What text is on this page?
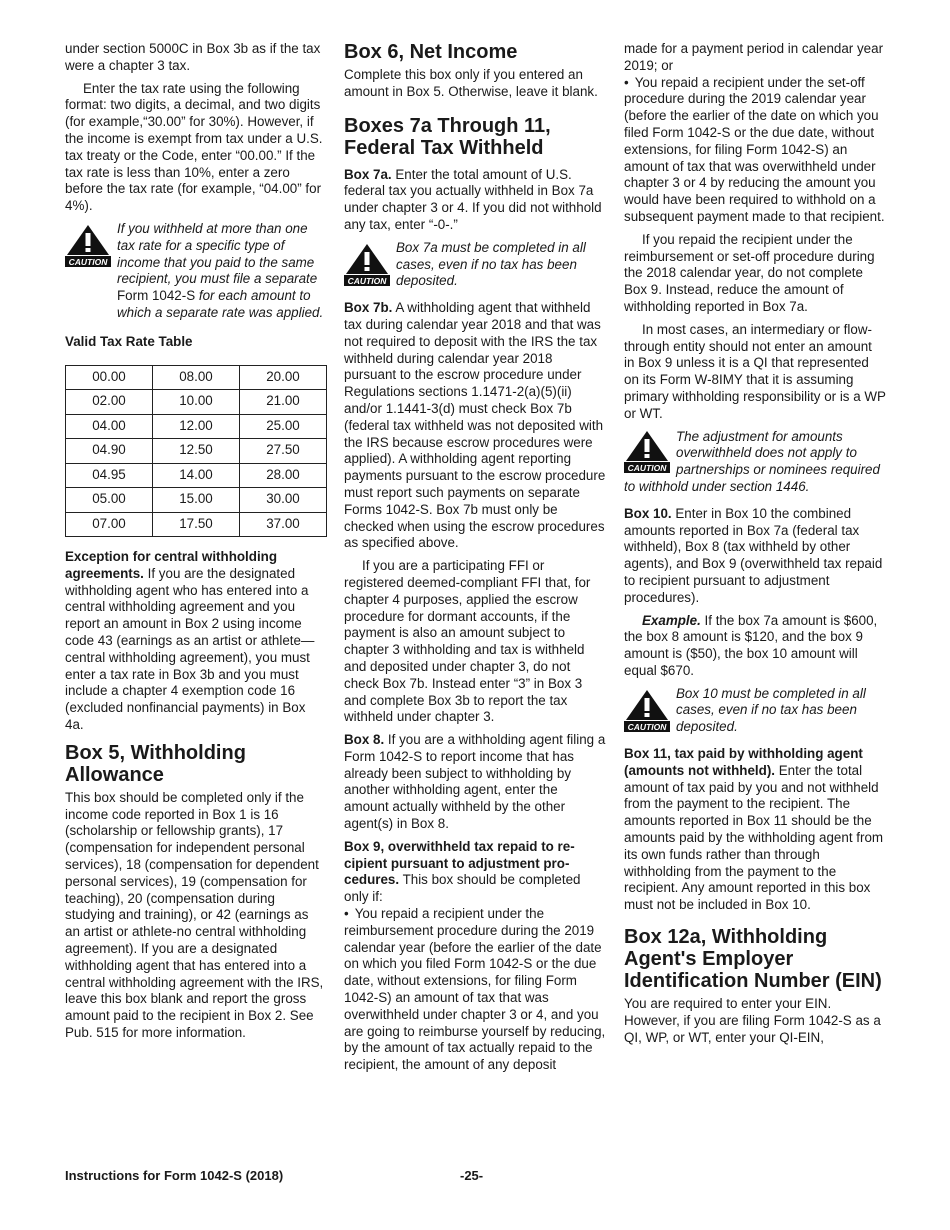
under section 5000C in Box 3b as if the tax were a chapter 3 tax.

Enter the tax rate using the following format: two digits, a decimal, and two digits (for example,“30.00” for 30%). However, if the income is exempt from tax under a U.S. tax treaty or the Code, enter “00.00.” If the tax rate is less than 10%, enter a zero before the tax rate (for example, “04.00” for 4%).

CAUTION
If you withheld at more than one tax rate for a specific type of income that you paid to the same recipient, you must file a separate Form 1042-S for each amount to which a separate rate was applied.
Valid Tax Rate Table
00.00	08.00	20.00
02.00	10.00	21.00
04.00	12.00	25.00
04.90	12.50	27.50
04.95	14.00	28.00
05.00	15.00	30.00
07.00	17.50	37.00

Exception for central withholding agreements. If you are the designated withholding agent who has entered into a central withholding agreement and you report an amount in Box 2 using income code 43 (earnings as an artist or athlete—central withholding agreement), you must enter a tax rate in Box 3b and you must include a chapter 4 exemption code 16 (excluded nonfinancial payments) in Box 4a.

Box 5, Withholding Allowance

This box should be completed only if the income code reported in Box 1 is 16 (scholarship or fellowship grants), 17 (compensation for independent personal services), 18 (compensation for dependent personal services), 19 (compensation for teaching), 20 (compensation during studying and training), or 42 (earnings as an artist or athlete-no central withholding agreement). If you are a designated withholding agent that has entered into a central withholding agreement with the IRS, leave this box blank and report the gross amount paid to the recipient in Box 2. See Pub. 515 for more information.

Box 6, Net Income

Complete this box only if you entered an amount in Box 5. Otherwise, leave it blank.

Boxes 7a Through 11, Federal Tax Withheld

Box 7a. Enter the total amount of U.S. federal tax you actually withheld in Box 7a under chapter 3 or 4. If you did not withhold any tax, enter “-0-.”

CAUTION
Box 7a must be completed in all cases, even if no tax has been deposited.

Box 7b. A withholding agent that withheld tax during calendar year 2018 and that was not required to deposit with the IRS the tax withheld during calendar year 2018 pursuant to the escrow procedure under Regulations sections 1.1471-2(a)(5)(ii) and/or 1.1441-3(d) must check Box 7b (federal tax withheld was not deposited with the IRS because escrow procedures were applied). A withholding agent reporting payments pursuant to the escrow procedure must report such payments on separate Forms 1042-S. Box 7b must only be checked when using the escrow procedures as specified above.

If you are a participating FFI or registered deemed-compliant FFI that, for chapter 4 purposes, applied the escrow procedure for dormant accounts, if the payment is also an amount subject to chapter 3 withholding and tax is withheld and deposited under chapter 3, do not check Box 7b. Instead enter “3” in Box 3 and complete Box 3b to report the tax withheld under chapter 3.

Box 8. If you are a withholding agent filing a Form 1042-S to report income that has already been subject to withholding by another withholding agent, enter the amount actually withheld by the other agent(s) in Box 8.

Box 9, overwithheld tax repaid to re-cipient pursuant to adjustment pro-cedures. This box should be completed only if:

• You repaid a recipient under the reimbursement procedure during the 2019 calendar year (before the earlier of the date on which you filed Form 1042-S or the due date, without extensions, for filing Form 1042-S) an amount of tax that was overwithheld under chapter 3 or 4, and you are going to reimburse yourself by reducing, by the amount of tax actually repaid to the recipient, the amount of any deposit

made for a payment period in calendar year 2019; or

• You repaid a recipient under the set-off procedure during the 2019 calendar year (before the earlier of the date on which you filed Form 1042-S or the due date, without extensions, for filing Form 1042-S) an amount of tax that was overwithheld under chapter 3 or 4 by reducing the amount you would have been required to withhold on a subsequent payment made to that recipient.

If you repaid the recipient under the reimbursement or set-off procedure during the 2018 calendar year, do not complete Box 9. Instead, reduce the amount of withholding reported in Box 7a.

In most cases, an intermediary or flow-through entity should not enter an amount in Box 9 unless it is a QI that represented on its Form W-8IMY that it is assuming primary withholding responsibility or is a WP or WT.

CAUTION
The adjustment for amounts overwithheld does not apply to partnerships or nominees required to withhold under section 1446.

Box 10. Enter in Box 10 the combined amounts reported in Box 7a (federal tax withheld), Box 8 (tax withheld by other agents), and Box 9 (overwithheld tax repaid to recipient pursuant to adjustment procedures).

Example. If the box 7a amount is $600, the box 8 amount is $120, and the box 9 amount is ($50), the box 10 amount will equal $670.

CAUTION
Box 10 must be completed in all cases, even if no tax has been deposited.

Box 11, tax paid by withholding agent (amounts not withheld). Enter the total amount of tax paid by you and not withheld from the payment to the recipient. The amounts reported in Box 11 should be the amounts paid by the withholding agent from its own funds rather than through withholding from the payment to the recipient. Any amount reported in this box must not be included in Box 10.

Box 12a, Withholding Agent's Employer Identification Number (EIN)

You are required to enter your EIN. However, if you are filing Form 1042-S as a QI, WP, or WT, enter your QI-EIN,

Instructions for Form 1042-S (2018)	-25-
